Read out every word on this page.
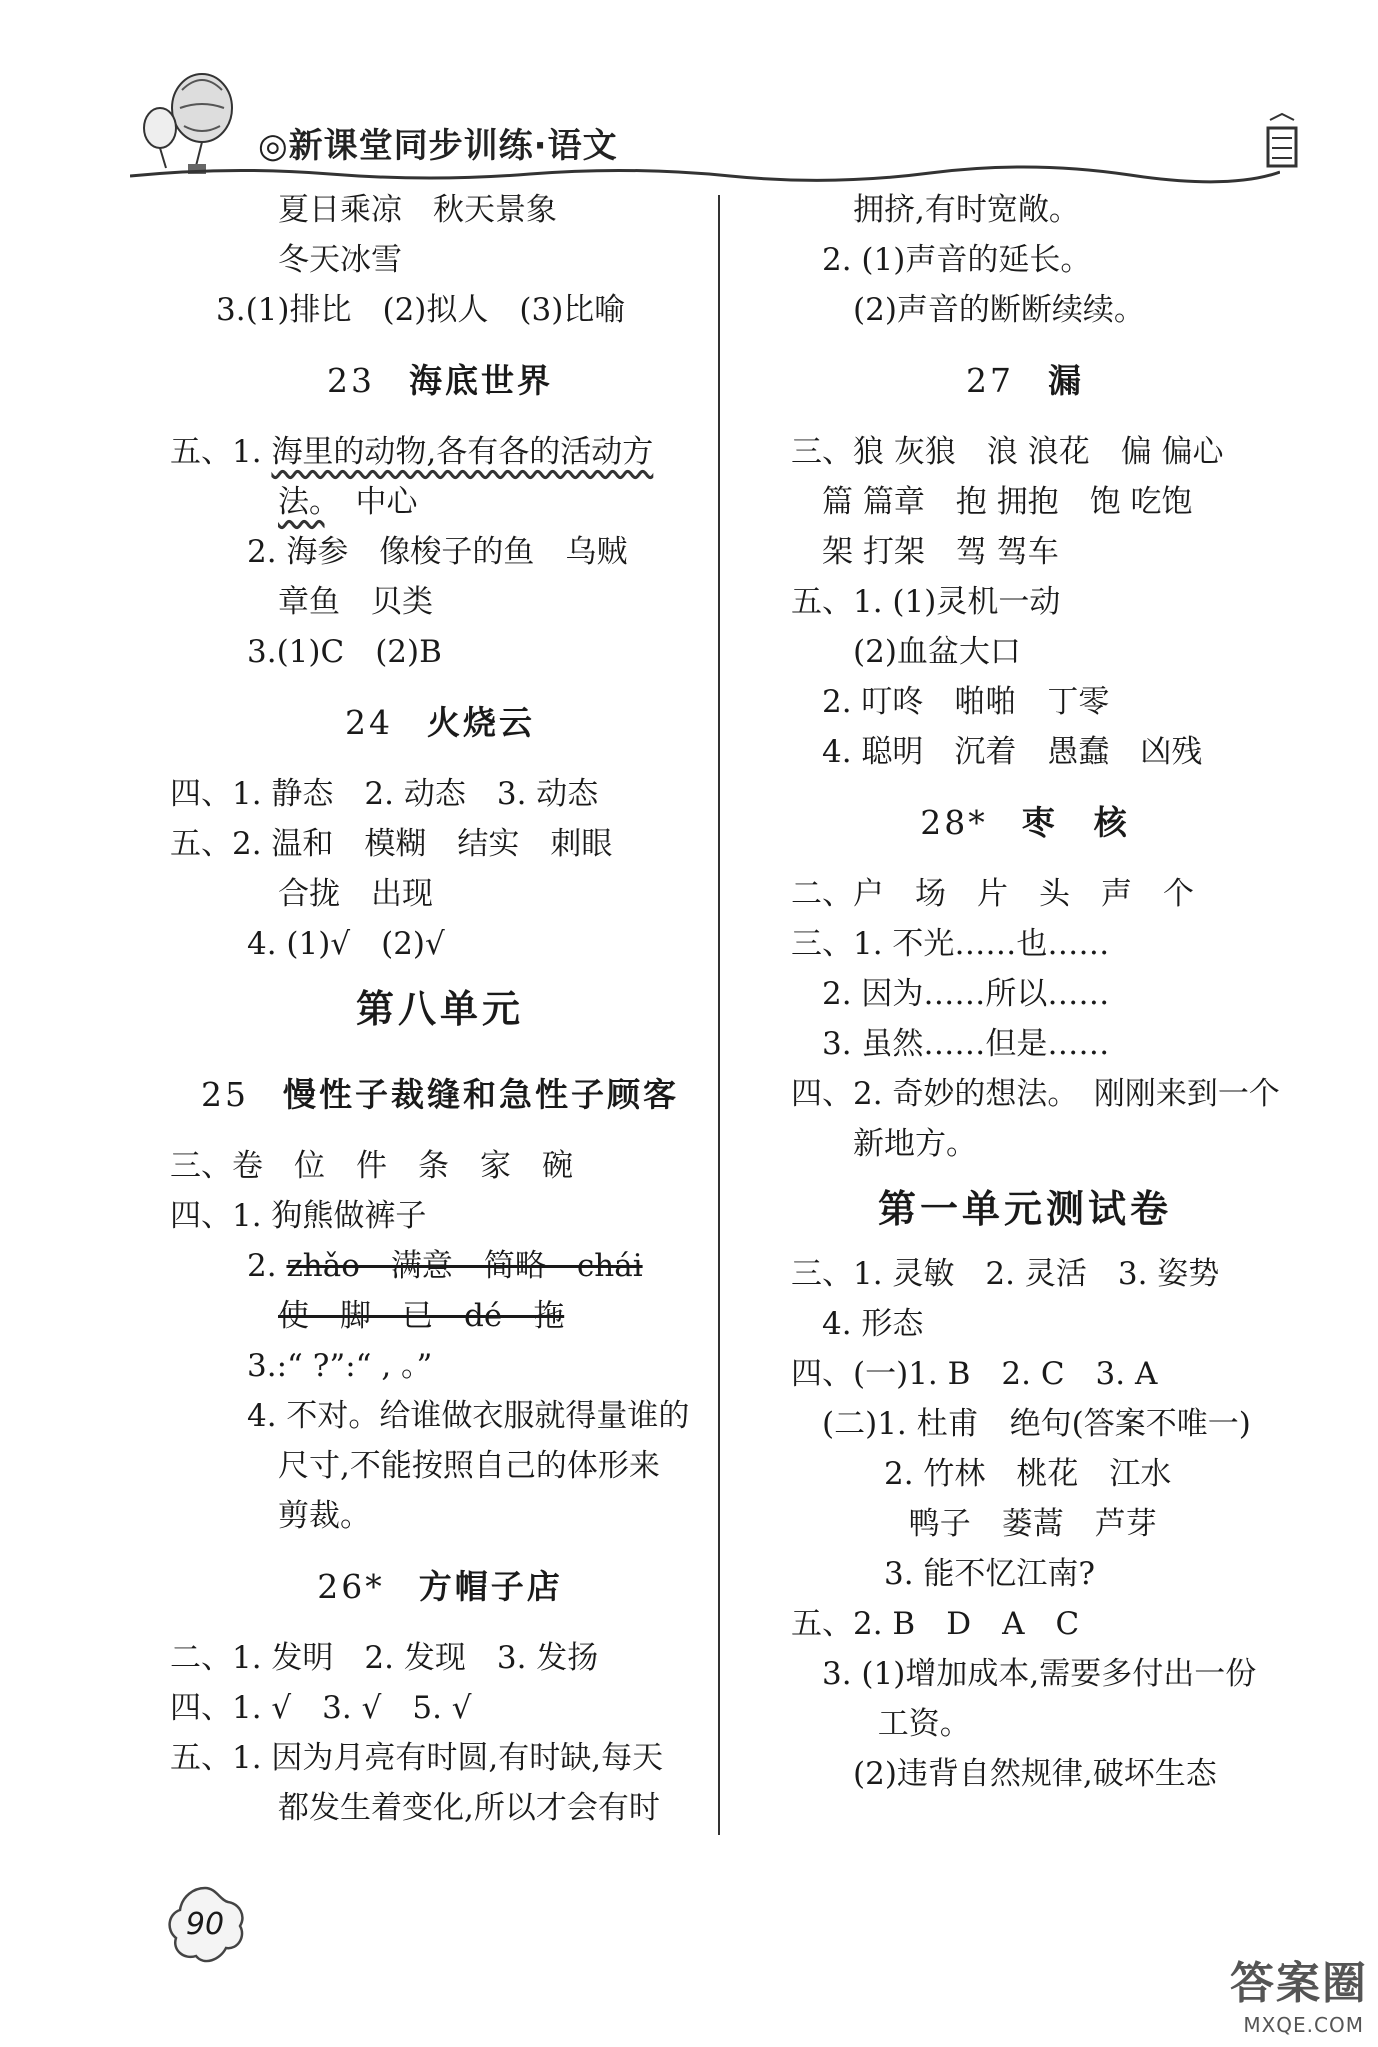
◎新课堂同步训练·语文
夏日乘凉　秋天景象
冬天冰雪
3.(1)排比　(2)拟人　(3)比喻
23 海底世界
五、1. 海里的动物,各有各的活动方
法。　中心
2. 海参　像梭子的鱼　乌贼
章鱼　贝类
3.(1)C　(2)B
24 火烧云
四、1. 静态　2. 动态　3. 动态
五、2. 温和　模糊　结实　刺眼
合拢　出现
4. (1)√　(2)√
第八单元
25 慢性子裁缝和急性子顾客
三、卷　位　件　条　家　碗
四、1. 狗熊做裤子
2. zhǎo　满意　简略　chái
使　脚　已　dé　拖
3.:“ ?”:“ , 。”
4. 不对。给谁做衣服就得量谁的
尺寸,不能按照自己的体形来
剪裁。
26* 方帽子店
二、1. 发明　2. 发现　3. 发扬
四、1. √　3. √　5. √
五、1. 因为月亮有时圆,有时缺,每天
都发生着变化,所以才会有时
拥挤,有时宽敞。
2. (1)声音的延长。
(2)声音的断断续续。
27 漏
三、狼 灰狼　浪 浪花　偏 偏心
篇 篇章　抱 拥抱　饱 吃饱
架 打架　驾 驾车
五、1. (1)灵机一动
(2)血盆大口
2. 叮咚　啪啪　丁零
4. 聪明　沉着　愚蠢　凶残
28* 枣　核
二、户　场　片　头　声　个
三、1. 不光……也……
2. 因为……所以……
3. 虽然……但是……
四、2. 奇妙的想法。　刚刚来到一个
新地方。
第一单元测试卷
三、1. 灵敏　2. 灵活　3. 姿势
4. 形态
四、(一)1. B　2. C　3. A
(二)1. 杜甫　绝句(答案不唯一)
2. 竹林　桃花　江水
鸭子　蒌蒿　芦芽
3. 能不忆江南?
五、2. B　D　A　C
3. (1)增加成本,需要多付出一份
工资。
(2)违背自然规律,破坏生态
90
答案圈
MXQE.COM
